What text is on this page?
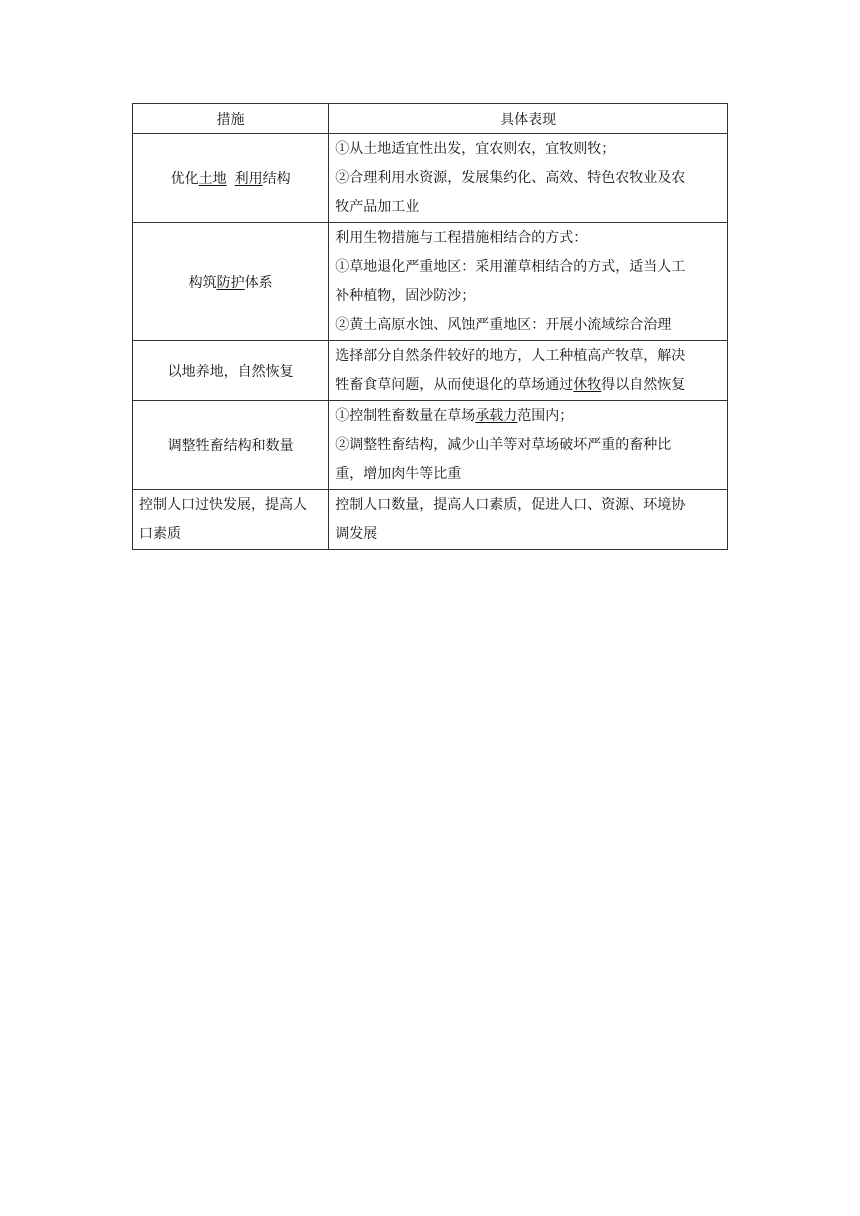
措施	具体表现
优化土地 利用结构	①从土地适宜性出发，宜农则农，宜牧则牧；
②合理利用水资源，发展集约化、高效、特色农牧业及农
牧产品加工业

构筑防护体系	利用生物措施与工程措施相结合的方式：
①草地退化严重地区：采用灌草相结合的方式，适当人工
补种植物，固沙防沙；
②黄土高原水蚀、风蚀严重地区：开展小流域综合治理

以地养地，自然恢复	选择部分自然条件较好的地方，人工种植高产牧草，解决
牲畜食草问题，从而使退化的草场通过休牧得以自然恢复

调整牲畜结构和数量	①控制牲畜数量在草场承载力范围内；
②调整牲畜结构，减少山羊等对草场破坏严重的畜种比
重，增加肉牛等比重

控制人口过快发展，提高人
口素质	控制人口数量，提高人口素质，促进人口、资源、环境协
调发展
